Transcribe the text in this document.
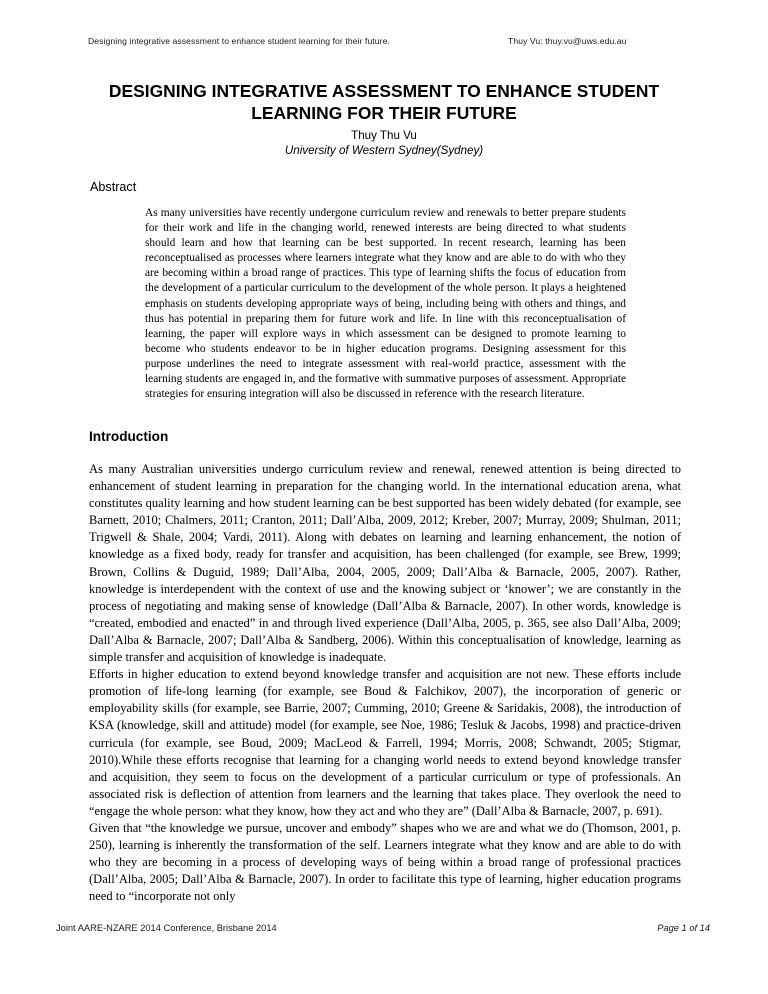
Designing integrative assessment to enhance student learning for their future.	Thuy Vu: thuy.vu@uws.edu.au
DESIGNING INTEGRATIVE ASSESSMENT TO ENHANCE STUDENT LEARNING FOR THEIR FUTURE

Thuy Thu Vu

University of Western Sydney(Sydney)

Abstract

As many universities have recently undergone curriculum review and renewals to better prepare students for their work and life in the changing world, renewed interests are being directed to what students should learn and how that learning can be best supported. In recent research, learning has been reconceptualised as processes where learners integrate what they know and are able to do with who they are becoming within a broad range of practices. This type of learning shifts the focus of education from the development of a particular curriculum to the development of the whole person. It plays a heightened emphasis on students developing appropriate ways of being, including being with others and things, and thus has potential in preparing them for future work and life. In line with this reconceptualisation of learning, the paper will explore ways in which assessment can be designed to promote learning to become who students endeavor to be in higher education programs. Designing assessment for this purpose underlines the need to integrate assessment with real-world practice, assessment with the learning students are engaged in, and the formative with summative purposes of assessment. Appropriate strategies for ensuring integration will also be discussed in reference with the research literature.

Introduction

As many Australian universities undergo curriculum review and renewal, renewed attention is being directed to enhancement of student learning in preparation for the changing world. In the international education arena, what constitutes quality learning and how student learning can be best supported has been widely debated (for example, see Barnett, 2010; Chalmers, 2011; Cranton, 2011; Dall’Alba, 2009, 2012; Kreber, 2007; Murray, 2009; Shulman, 2011; Trigwell & Shale, 2004; Vardi, 2011). Along with debates on learning and learning enhancement, the notion of knowledge as a fixed body, ready for transfer and acquisition, has been challenged (for example, see Brew, 1999; Brown, Collins & Duguid, 1989; Dall’Alba, 2004, 2005, 2009; Dall’Alba & Barnacle, 2005, 2007). Rather, knowledge is interdependent with the context of use and the knowing subject or ‘knower’; we are constantly in the process of negotiating and making sense of knowledge (Dall’Alba & Barnacle, 2007). In other words, knowledge is “created, embodied and enacted” in and through lived experience (Dall’Alba, 2005, p. 365, see also Dall’Alba, 2009; Dall’Alba & Barnacle, 2007; Dall’Alba & Sandberg, 2006). Within this conceptualisation of knowledge, learning as simple transfer and acquisition of knowledge is inadequate.

Efforts in higher education to extend beyond knowledge transfer and acquisition are not new. These efforts include promotion of life-long learning (for example, see Boud & Falchikov, 2007), the incorporation of generic or employability skills (for example, see Barrie, 2007; Cumming, 2010; Greene & Saridakis, 2008), the introduction of KSA (knowledge, skill and attitude) model (for example, see Noe, 1986; Tesluk & Jacobs, 1998) and practice-driven curricula (for example, see Boud, 2009; MacLeod & Farrell, 1994; Morris, 2008; Schwandt, 2005; Stigmar, 2010).While these efforts recognise that learning for a changing world needs to extend beyond knowledge transfer and acquisition, they seem to focus on the development of a particular curriculum or type of professionals. An associated risk is deflection of attention from learners and the learning that takes place. They overlook the need to “engage the whole person: what they know, how they act and who they are” (Dall’Alba & Barnacle, 2007, p. 691).

Given that “the knowledge we pursue, uncover and embody” shapes who we are and what we do (Thomson, 2001, p. 250), learning is inherently the transformation of the self. Learners integrate what they know and are able to do with who they are becoming in a process of developing ways of being within a broad range of professional practices (Dall’Alba, 2005; Dall’Alba & Barnacle, 2007). In order to facilitate this type of learning, higher education programs need to “incorporate not only

Joint AARE-NZARE 2014 Conference, Brisbane 2014	Page 1 of 14
